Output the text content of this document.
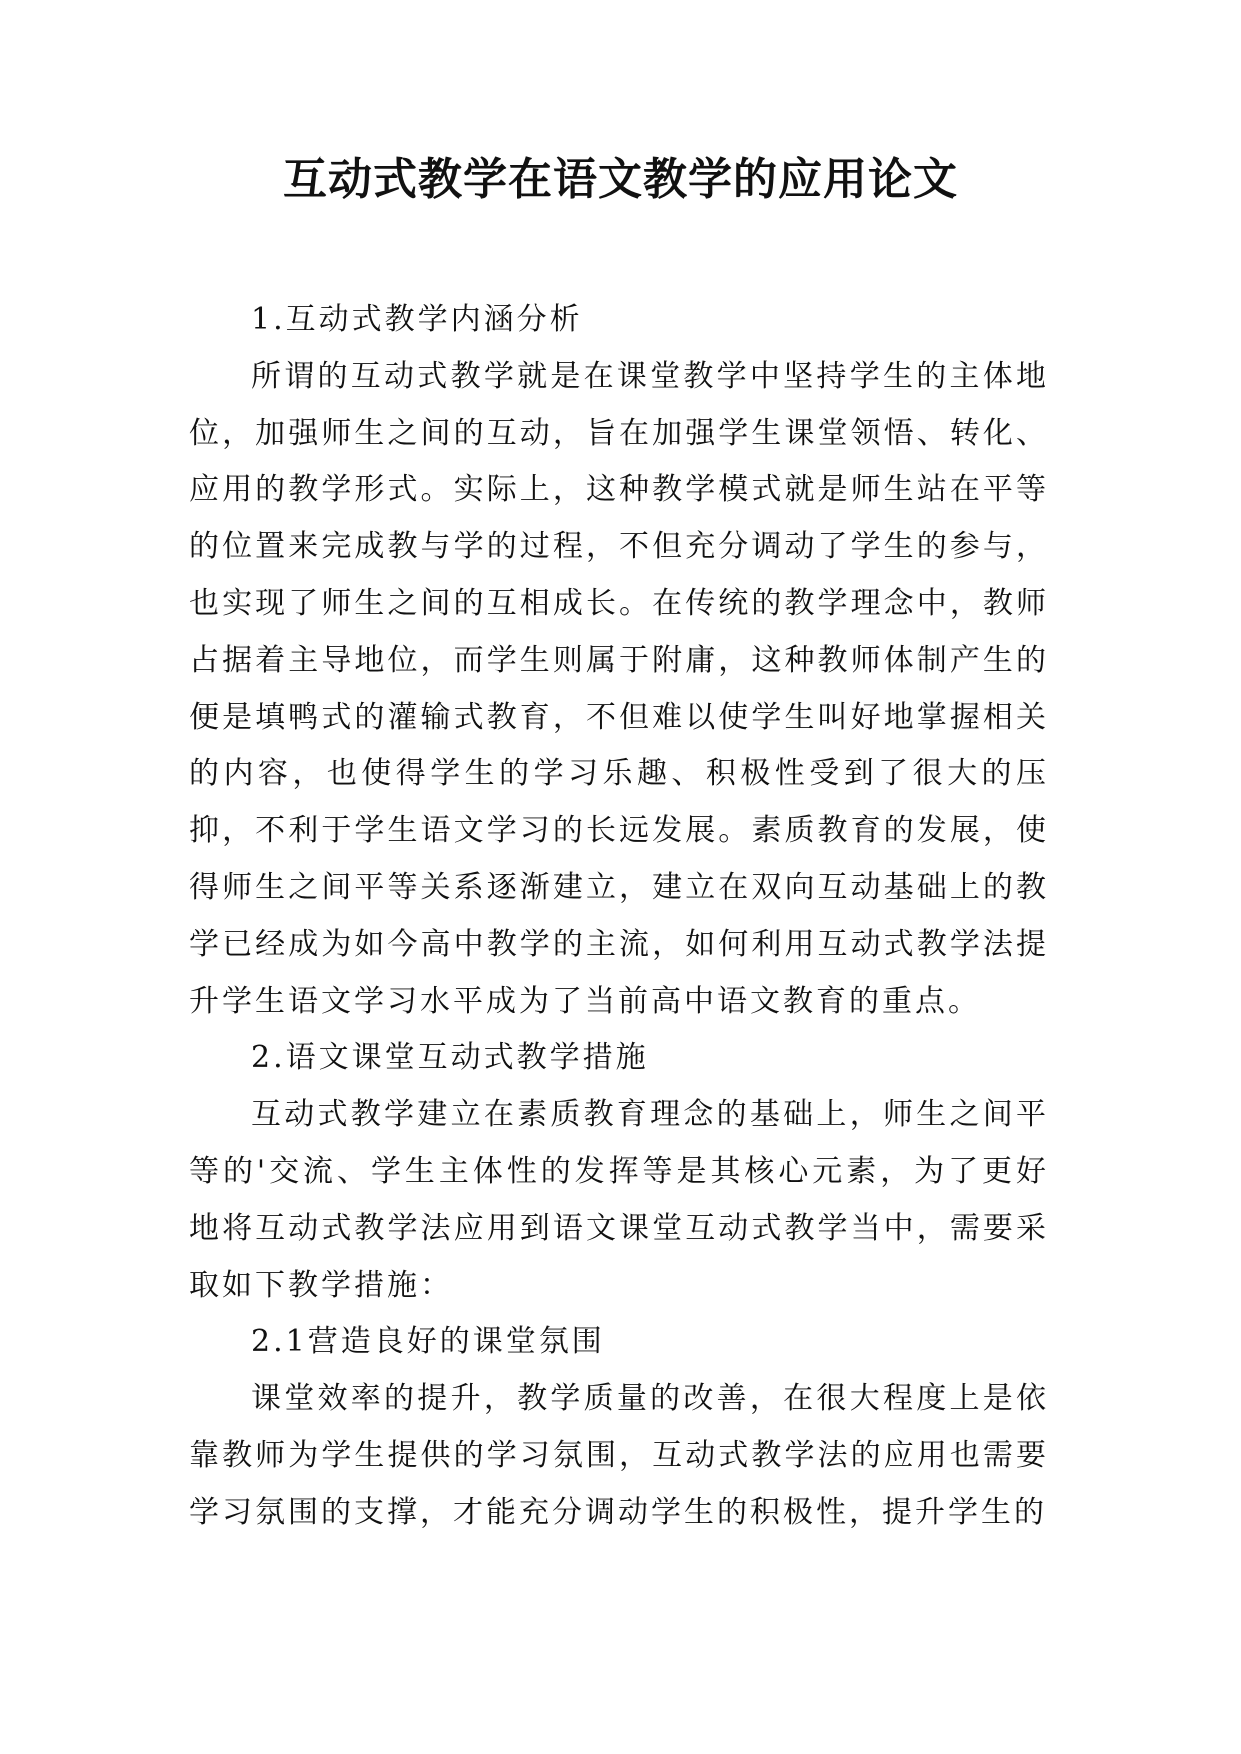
互动式教学在语文教学的应用论文

1.互动式教学内涵分析

所谓的互动式教学就是在课堂教学中坚持学生的主体地位，加强师生之间的互动，旨在加强学生课堂领悟、转化、应用的教学形式。实际上，这种教学模式就是师生站在平等的位置来完成教与学的过程，不但充分调动了学生的参与，也实现了师生之间的互相成长。在传统的教学理念中，教师占据着主导地位，而学生则属于附庸，这种教师体制产生的便是填鸭式的灌输式教育，不但难以使学生叫好地掌握相关的内容，也使得学生的学习乐趣、积极性受到了很大的压抑，不利于学生语文学习的长远发展。素质教育的发展，使得师生之间平等关系逐渐建立，建立在双向互动基础上的教学已经成为如今高中教学的主流，如何利用互动式教学法提升学生语文学习水平成为了当前高中语文教育的重点。

2.语文课堂互动式教学措施

互动式教学建立在素质教育理念的基础上，师生之间平等的'交流、学生主体性的发挥等是其核心元素，为了更好地将互动式教学法应用到语文课堂互动式教学当中，需要采取如下教学措施：

2.1营造良好的课堂氛围

课堂效率的提升，教学质量的改善，在很大程度上是依靠教师为学生提供的学习氛围，互动式教学法的应用也需要学习氛围的支撑，才能充分调动学生的积极性，提升学生的
